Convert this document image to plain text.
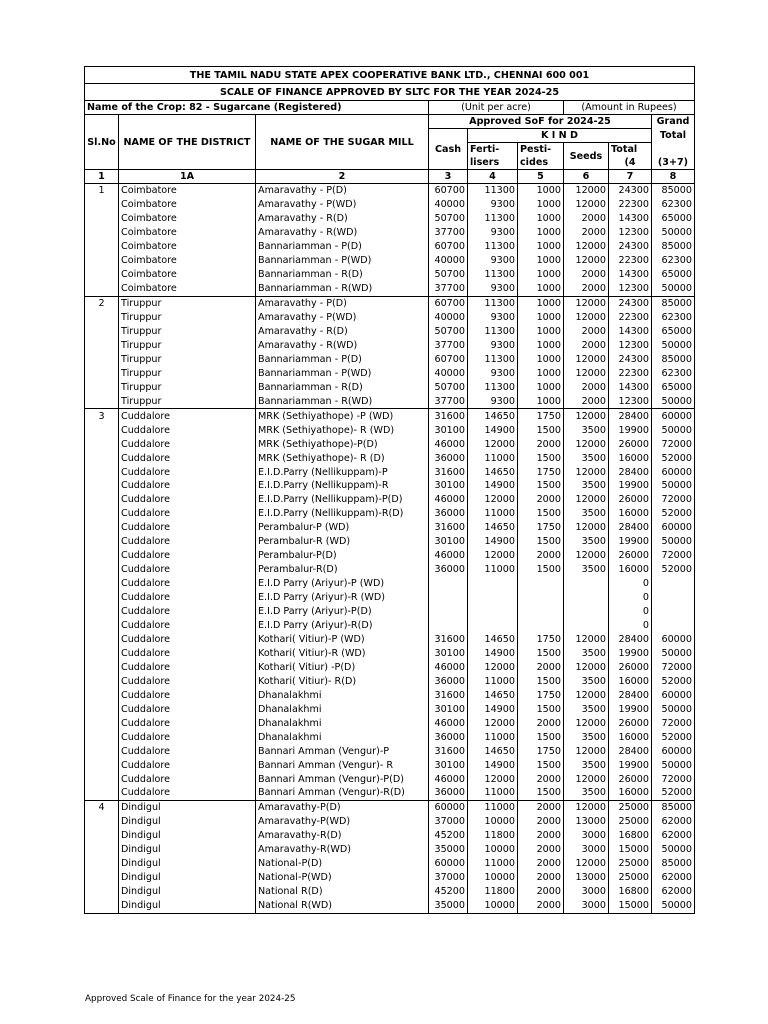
THE TAMIL NADU STATE APEX COOPERATIVE BANK LTD., CHENNAI 600 001								
SCALE OF FINANCE APPROVED BY SLTC FOR THE YEAR 2024-25								
Name of the Crop: 82 - Sugarcane (Registered)			(Unit per acre)			(Amount in Rupees)		
Sl.No	NAME OF THE DISTRICT	NAME OF THE SUGAR MILL	Approved SoF for 2024-25					Grand
			Cash	K I N D				Total
				Ferti-	Pesti-	Seeds	Total	
				lisers	cides		(4	(3+7)
1	1A	2	3	4	5	6	7	8
1	Coimbatore	Amaravathy - P(D)	60700	11300	1000	12000	24300	85000
	Coimbatore	Amaravathy - P(WD)	40000	9300	1000	12000	22300	62300
	Coimbatore	Amaravathy - R(D)	50700	11300	1000	2000	14300	65000
	Coimbatore	Amaravathy - R(WD)	37700	9300	1000	2000	12300	50000
	Coimbatore	Bannariamman - P(D)	60700	11300	1000	12000	24300	85000
	Coimbatore	Bannariamman - P(WD)	40000	9300	1000	12000	22300	62300
	Coimbatore	Bannariamman - R(D)	50700	11300	1000	2000	14300	65000
	Coimbatore	Bannariamman - R(WD)	37700	9300	1000	2000	12300	50000
2	Tiruppur	Amaravathy - P(D)	60700	11300	1000	12000	24300	85000
	Tiruppur	Amaravathy - P(WD)	40000	9300	1000	12000	22300	62300
	Tiruppur	Amaravathy - R(D)	50700	11300	1000	2000	14300	65000
	Tiruppur	Amaravathy - R(WD)	37700	9300	1000	2000	12300	50000
	Tiruppur	Bannariamman - P(D)	60700	11300	1000	12000	24300	85000
	Tiruppur	Bannariamman - P(WD)	40000	9300	1000	12000	22300	62300
	Tiruppur	Bannariamman - R(D)	50700	11300	1000	2000	14300	65000
	Tiruppur	Bannariamman - R(WD)	37700	9300	1000	2000	12300	50000
3	Cuddalore	MRK (Sethiyathope) -P (WD)	31600	14650	1750	12000	28400	60000
	Cuddalore	MRK (Sethiyathope)- R (WD)	30100	14900	1500	3500	19900	50000
	Cuddalore	MRK (Sethiyathope)-P(D)	46000	12000	2000	12000	26000	72000
	Cuddalore	MRK (Sethiyathope)- R (D)	36000	11000	1500	3500	16000	52000
	Cuddalore	E.I.D.Parry (Nellikuppam)-P	31600	14650	1750	12000	28400	60000
	Cuddalore	E.I.D.Parry (Nellikuppam)-R	30100	14900	1500	3500	19900	50000
	Cuddalore	E.I.D.Parry (Nellikuppam)-P(D)	46000	12000	2000	12000	26000	72000
	Cuddalore	E.I.D.Parry (Nellikuppam)-R(D)	36000	11000	1500	3500	16000	52000
	Cuddalore	Perambalur-P (WD)	31600	14650	1750	12000	28400	60000
	Cuddalore	Perambalur-R (WD)	30100	14900	1500	3500	19900	50000
	Cuddalore	Perambalur-P(D)	46000	12000	2000	12000	26000	72000
	Cuddalore	Perambalur-R(D)	36000	11000	1500	3500	16000	52000
	Cuddalore	E.I.D Parry (Ariyur)-P (WD)					0	
	Cuddalore	E.I.D Parry (Ariyur)-R (WD)					0	
	Cuddalore	E.I.D Parry (Ariyur)-P(D)					0	
	Cuddalore	E.I.D Parry (Ariyur)-R(D)					0	
	Cuddalore	Kothari( Vitiur)-P (WD)	31600	14650	1750	12000	28400	60000
	Cuddalore	Kothari( Vitiur)-R (WD)	30100	14900	1500	3500	19900	50000
	Cuddalore	Kothari( Vitiur) -P(D)	46000	12000	2000	12000	26000	72000
	Cuddalore	Kothari( Vitiur)- R(D)	36000	11000	1500	3500	16000	52000
	Cuddalore	Dhanalakhmi	31600	14650	1750	12000	28400	60000
	Cuddalore	Dhanalakhmi	30100	14900	1500	3500	19900	50000
	Cuddalore	Dhanalakhmi	46000	12000	2000	12000	26000	72000
	Cuddalore	Dhanalakhmi	36000	11000	1500	3500	16000	52000
	Cuddalore	Bannari Amman (Vengur)-P	31600	14650	1750	12000	28400	60000
	Cuddalore	Bannari Amman (Vengur)- R	30100	14900	1500	3500	19900	50000
	Cuddalore	Bannari Amman (Vengur)-P(D)	46000	12000	2000	12000	26000	72000
	Cuddalore	Bannari Amman (Vengur)-R(D)	36000	11000	1500	3500	16000	52000
4	Dindigul	Amaravathy-P(D)	60000	11000	2000	12000	25000	85000
	Dindigul	Amaravathy-P(WD)	37000	10000	2000	13000	25000	62000
	Dindigul	Amaravathy-R(D)	45200	11800	2000	3000	16800	62000
	Dindigul	Amaravathy-R(WD)	35000	10000	2000	3000	15000	50000
	Dindigul	National-P(D)	60000	11000	2000	12000	25000	85000
	Dindigul	National-P(WD)	37000	10000	2000	13000	25000	62000
	Dindigul	National R(D)	45200	11800	2000	3000	16800	62000
	Dindigul	National R(WD)	35000	10000	2000	3000	15000	50000
Approved Scale of Finance for the year 2024-25
